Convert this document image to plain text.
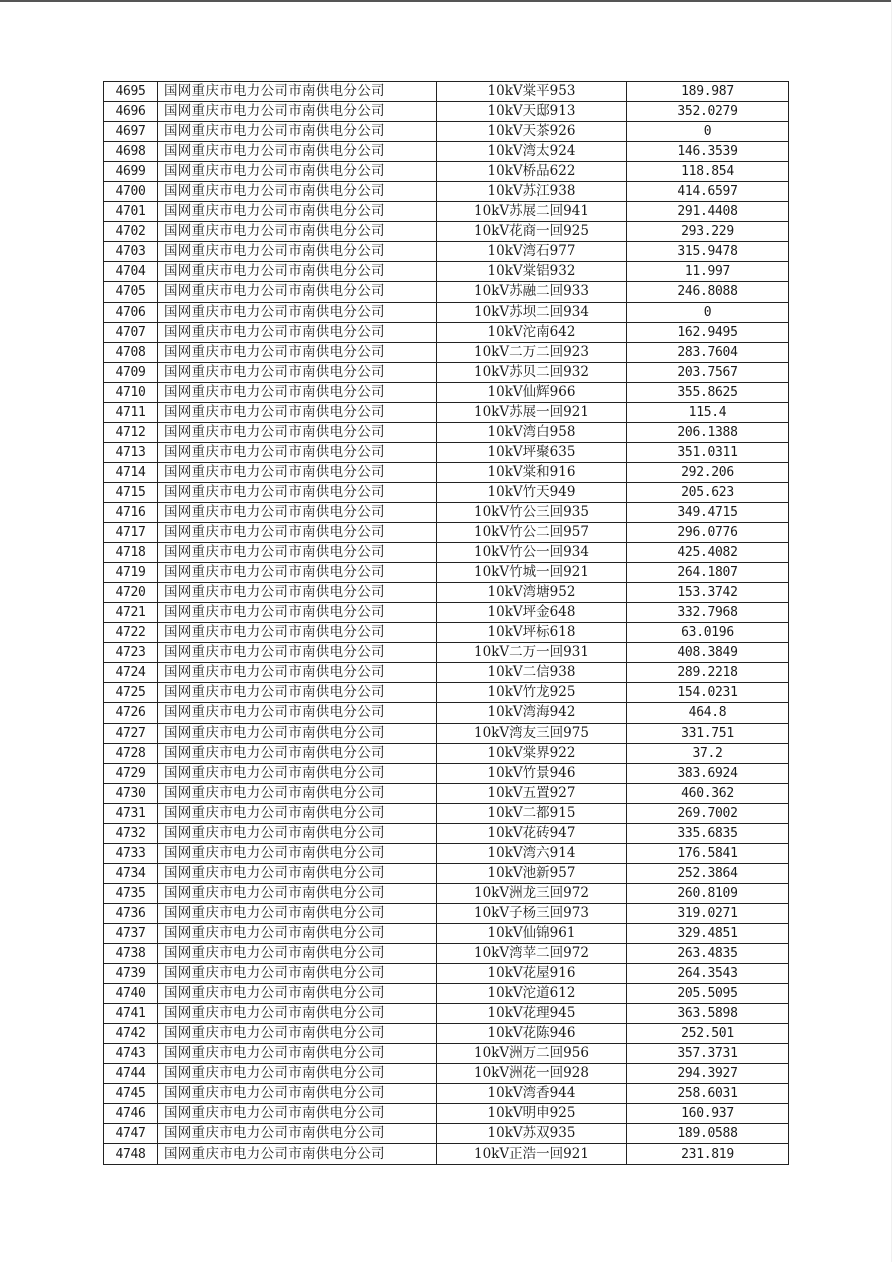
4695	国网重庆市电力公司市南供电分公司	10kV棠平953	189.987
4696	国网重庆市电力公司市南供电分公司	10kV天邸913	352.0279
4697	国网重庆市电力公司市南供电分公司	10kV天茶926	0
4698	国网重庆市电力公司市南供电分公司	10kV湾太924	146.3539
4699	国网重庆市电力公司市南供电分公司	10kV桥品622	118.854
4700	国网重庆市电力公司市南供电分公司	10kV苏江938	414.6597
4701	国网重庆市电力公司市南供电分公司	10kV苏展二回941	291.4408
4702	国网重庆市电力公司市南供电分公司	10kV花商一回925	293.229
4703	国网重庆市电力公司市南供电分公司	10kV湾石977	315.9478
4704	国网重庆市电力公司市南供电分公司	10kV棠铝932	11.997
4705	国网重庆市电力公司市南供电分公司	10kV苏融二回933	246.8088
4706	国网重庆市电力公司市南供电分公司	10kV苏坝二回934	0
4707	国网重庆市电力公司市南供电分公司	10kV沱南642	162.9495
4708	国网重庆市电力公司市南供电分公司	10kV二万二回923	283.7604
4709	国网重庆市电力公司市南供电分公司	10kV苏贝二回932	203.7567
4710	国网重庆市电力公司市南供电分公司	10kV仙辉966	355.8625
4711	国网重庆市电力公司市南供电分公司	10kV苏展一回921	115.4
4712	国网重庆市电力公司市南供电分公司	10kV湾白958	206.1388
4713	国网重庆市电力公司市南供电分公司	10kV坪聚635	351.0311
4714	国网重庆市电力公司市南供电分公司	10kV棠和916	292.206
4715	国网重庆市电力公司市南供电分公司	10kV竹天949	205.623
4716	国网重庆市电力公司市南供电分公司	10kV竹公三回935	349.4715
4717	国网重庆市电力公司市南供电分公司	10kV竹公二回957	296.0776
4718	国网重庆市电力公司市南供电分公司	10kV竹公一回934	425.4082
4719	国网重庆市电力公司市南供电分公司	10kV竹城一回921	264.1807
4720	国网重庆市电力公司市南供电分公司	10kV湾塘952	153.3742
4721	国网重庆市电力公司市南供电分公司	10kV坪金648	332.7968
4722	国网重庆市电力公司市南供电分公司	10kV坪标618	63.0196
4723	国网重庆市电力公司市南供电分公司	10kV二万一回931	408.3849
4724	国网重庆市电力公司市南供电分公司	10kV二信938	289.2218
4725	国网重庆市电力公司市南供电分公司	10kV竹龙925	154.0231
4726	国网重庆市电力公司市南供电分公司	10kV湾海942	464.8
4727	国网重庆市电力公司市南供电分公司	10kV湾友三回975	331.751
4728	国网重庆市电力公司市南供电分公司	10kV棠界922	37.2
4729	国网重庆市电力公司市南供电分公司	10kV竹景946	383.6924
4730	国网重庆市电力公司市南供电分公司	10kV五置927	460.362
4731	国网重庆市电力公司市南供电分公司	10kV二都915	269.7002
4732	国网重庆市电力公司市南供电分公司	10kV花砖947	335.6835
4733	国网重庆市电力公司市南供电分公司	10kV湾六914	176.5841
4734	国网重庆市电力公司市南供电分公司	10kV池新957	252.3864
4735	国网重庆市电力公司市南供电分公司	10kV洲龙三回972	260.8109
4736	国网重庆市电力公司市南供电分公司	10kV子杨三回973	319.0271
4737	国网重庆市电力公司市南供电分公司	10kV仙锦961	329.4851
4738	国网重庆市电力公司市南供电分公司	10kV湾苹二回972	263.4835
4739	国网重庆市电力公司市南供电分公司	10kV花屋916	264.3543
4740	国网重庆市电力公司市南供电分公司	10kV沱道612	205.5095
4741	国网重庆市电力公司市南供电分公司	10kV花理945	363.5898
4742	国网重庆市电力公司市南供电分公司	10kV花陈946	252.501
4743	国网重庆市电力公司市南供电分公司	10kV洲万二回956	357.3731
4744	国网重庆市电力公司市南供电分公司	10kV洲花一回928	294.3927
4745	国网重庆市电力公司市南供电分公司	10kV湾香944	258.6031
4746	国网重庆市电力公司市南供电分公司	10kV明申925	160.937
4747	国网重庆市电力公司市南供电分公司	10kV苏双935	189.0588
4748	国网重庆市电力公司市南供电分公司	10kV正浩一回921	231.819
